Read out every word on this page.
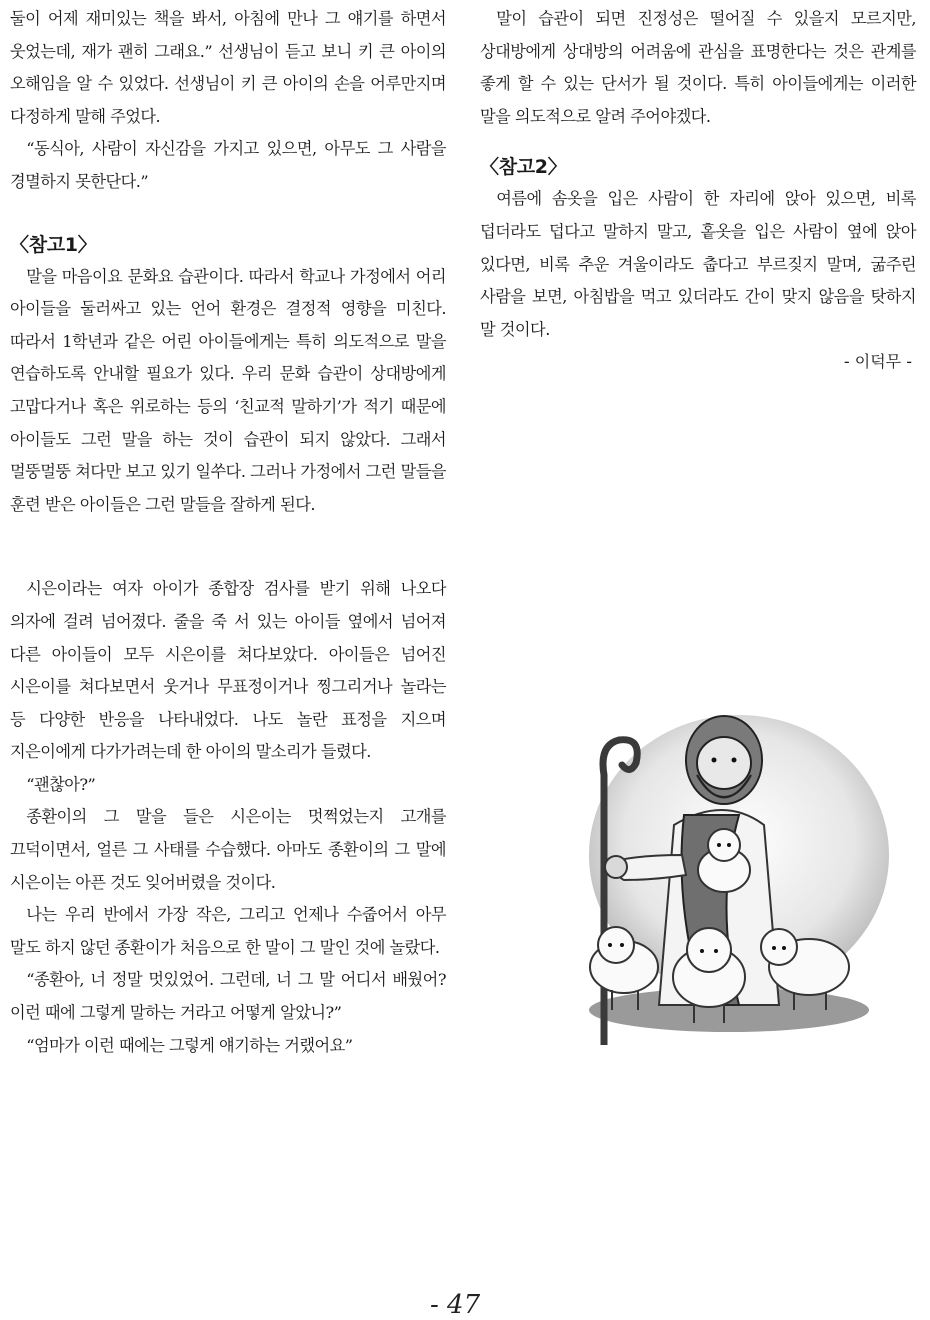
둘이 어제 재미있는 책을 봐서, 아침에 만나 그 얘기를 하면서 웃었는데, 재가 괜히 그래요.” 선생님이 듣고 보니 키 큰 아이의 오해임을 알 수 있었다. 선생님이 키 큰 아이의 손을 어루만지며 다정하게 말해 주었다.

“동식아, 사람이 자신감을 가지고 있으면, 아무도 그 사람을 경멸하지 못한단다.”

〈참고1〉

말을 마음이요 문화요 습관이다. 따라서 학교나 가정에서 어리 아이들을 둘러싸고 있는 언어 환경은 결정적 영향을 미친다. 따라서 1학년과 같은 어린 아이들에게는 특히 의도적으로 말을 연습하도록 안내할 필요가 있다. 우리 문화 습관이 상대방에게 고맙다거나 혹은 위로하는 등의 ‘친교적 말하기’가 적기 때문에 아이들도 그런 말을 하는 것이 습관이 되지 않았다. 그래서 멀뚱멀뚱 쳐다만 보고 있기 일쑤다. 그러나 가정에서 그런 말들을 훈련 받은 아이들은 그런 말들을 잘하게 된다.

시은이라는 여자 아이가 종합장 검사를 받기 위해 나오다 의자에 걸려 넘어졌다. 줄을 죽 서 있는 아이들 옆에서 넘어져 다른 아이들이 모두 시은이를 쳐다보았다. 아이들은 넘어진 시은이를 쳐다보면서 웃거나 무표정이거나 찡그리거나 놀라는 등 다양한 반응을 나타내었다. 나도 놀란 표정을 지으며 지은이에게 다가가려는데 한 아이의 말소리가 들렸다.

“괜찮아?”

종환이의 그 말을 들은 시은이는 멋쩍었는지 고개를 끄덕이면서, 얼른 그 사태를 수습했다. 아마도 종환이의 그 말에 시은이는 아픈 것도 잊어버렸을 것이다.

나는 우리 반에서 가장 작은, 그리고 언제나 수줍어서 아무 말도 하지 않던 종환이가 처음으로 한 말이 그 말인 것에 놀랐다.

“종환아, 너 정말 멋있었어. 그런데, 너 그 말 어디서 배웠어? 이런 때에 그렇게 말하는 거라고 어떻게 알았니?”

“엄마가 이런 때에는 그렇게 얘기하는 거랬어요”

말이 습관이 되면 진정성은 떨어질 수 있을지 모르지만, 상대방에게 상대방의 어려움에 관심을 표명한다는 것은 관계를 좋게 할 수 있는 단서가 될 것이다. 특히 아이들에게는 이러한 말을 의도적으로 알려 주어야겠다.

〈참고2〉

여름에 솜옷을 입은 사람이 한 자리에 앉아 있으면, 비록 덥더라도 덥다고 말하지 말고, 홑옷을 입은 사람이 옆에 앉아 있다면, 비록 추운 겨울이라도 춥다고 부르짖지 말며, 굶주린 사람을 보면, 아침밥을 먹고 있더라도 간이 맞지 않음을 탓하지 말 것이다.

- 이덕무 -
- 47
